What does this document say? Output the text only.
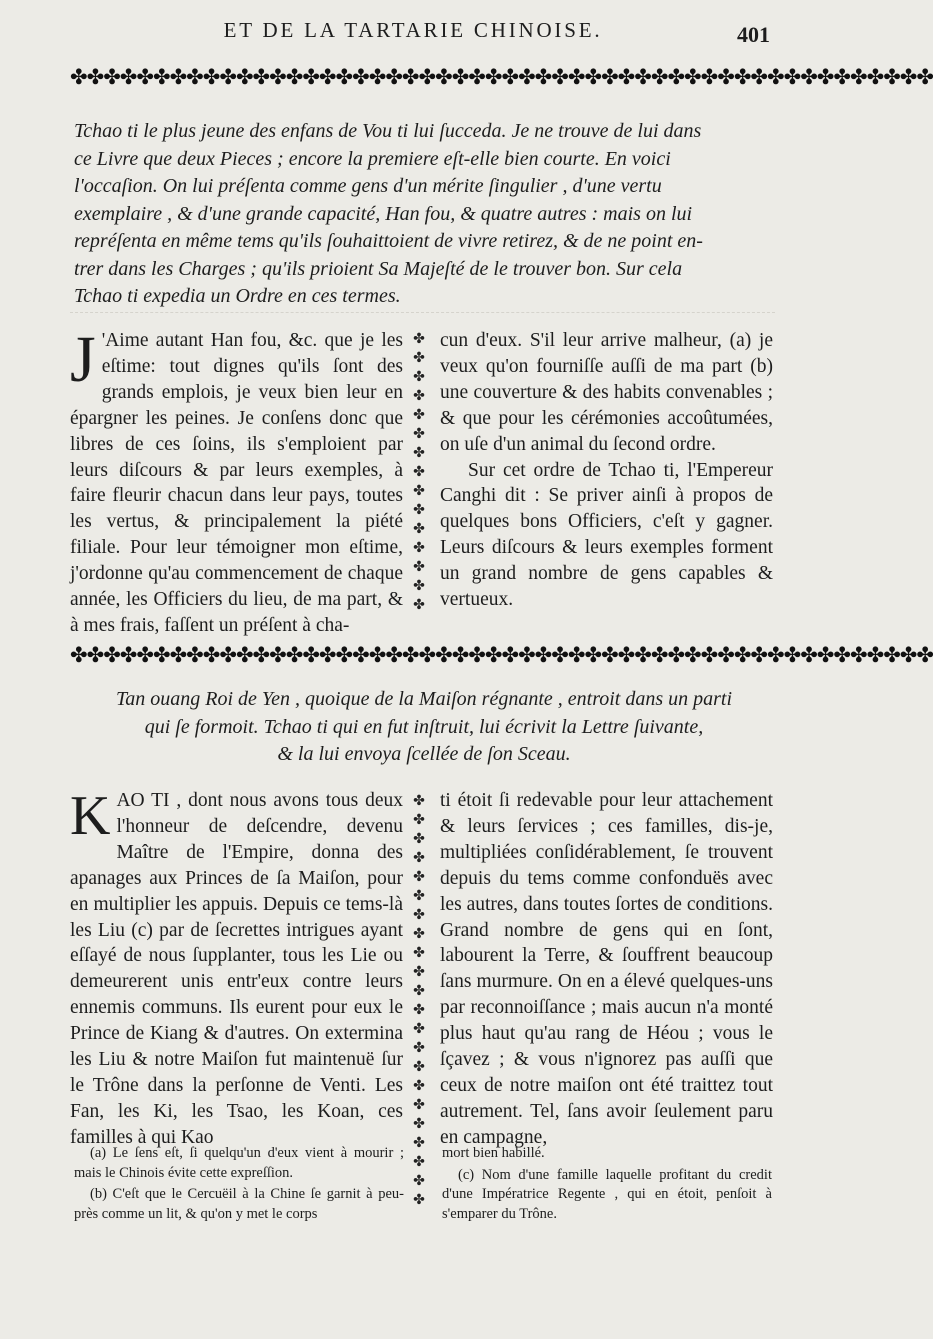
ET DE LA TARTARIE CHINOISE.	401
✤✤✤✤✤✤✤✤✤✤✤✤✤✤✤✤✤✤✤✤✤✤✤✤✤✤✤✤✤✤✤✤✤✤✤✤✤✤✤✤✤✤✤✤✤✤✤✤✤✤✤✤

Tchao ti le plus jeune des enfans de Vou ti lui ſucceda. Je ne trouve de lui dans

ce Livre que deux Pieces ; encore la premiere eſt-elle bien courte. En voici

l'occaſion. On lui préſenta comme gens d'un mérite ſingulier , d'une vertu

exemplaire , & d'une grande capacité, Han fou, & quatre autres : mais on lui

repréſenta en même tems qu'ils ſouhaittoient de vivre retirez, & de ne point en-

trer dans les Charges ; qu'ils prioient Sa Majeſté de le trouver bon. Sur cela

Tchao ti expedia un Ordre en ces termes.

J 'Aime autant Han fou, &c. que je les eſtime: tout dignes qu'ils ſont des grands emplois, je veux bien leur en épargner les peines. Je conſens donc que libres de ces ſoins, ils s'emploient par leurs diſcours & par leurs exemples, à faire fleurir chacun dans leur pays, toutes les vertus, & principalement la piété filiale. Pour leur témoigner mon eſtime, j'ordonne qu'au commencement de chaque année, les Officiers du lieu, de ma part, & à mes frais, faſſent un préſent à cha-

✤
✤
✤
✤
✤
✤
✤
✤
✤
✤
✤
✤
✤
✤
✤

cun d'eux. S'il leur arrive malheur, (a) je veux qu'on fourniſſe auſſi de ma part (b) une couverture & des habits convenables ; & que pour les cérémonies accoûtumées, on uſe d'un animal du ſecond ordre.

Sur cet ordre de Tchao ti, l'Empereur Canghi dit : Se priver ainſi à propos de quelques bons Officiers, c'eſt y gagner. Leurs diſcours & leurs exemples forment un grand nombre de gens capables & vertueux.

✤✤✤✤✤✤✤✤✤✤✤✤✤✤✤✤✤✤✤✤✤✤✤✤✤✤✤✤✤✤✤✤✤✤✤✤✤✤✤✤✤✤✤✤✤✤✤✤✤✤✤✤

Tan ouang Roi de Yen , quoique de la Maiſon régnante , entroit dans un parti

qui ſe formoit. Tchao ti qui en fut inſtruit, lui écrivit la Lettre ſuivante,

& la lui envoya ſcellée de ſon Sceau.

K AO TI , dont nous avons tous deux l'honneur de deſcendre, devenu Maître de l'Empire, donna des apanages aux Princes de ſa Maiſon, pour en multiplier les appuis. Depuis ce tems-là les Liu (c) par de ſecrettes intrigues ayant eſſayé de nous ſupplanter, tous les Lie ou demeurerent unis entr'eux contre leurs ennemis communs. Ils eurent pour eux le Prince de Kiang & d'autres. On extermina les Liu & notre Maiſon fut maintenuë ſur le Trône dans la perſonne de Venti. Les Fan, les Ki, les Tsao, les Koan, ces familles à qui Kao

✤
✤
✤
✤
✤
✤
✤
✤
✤
✤
✤
✤
✤
✤
✤
✤
✤
✤
✤
✤
✤
✤

ti étoit ſi redevable pour leur attachement & leurs ſervices ; ces familles, dis-je, multipliées conſidérablement, ſe trouvent depuis du tems comme confonduës avec les autres, dans toutes ſortes de conditions. Grand nombre de gens qui en ſont, labourent la Terre, & ſouffrent beaucoup ſans murmure. On en a élevé quelques-uns par reconnoiſſance ; mais aucun n'a monté plus haut qu'au rang de Héou ; vous le ſçavez ; & vous n'ignorez pas auſſi que ceux de notre maiſon ont été traittez tout autrement. Tel, ſans avoir ſeulement paru en campagne,

(a) Le ſens eſt, ſi quelqu'un d'eux vient à mourir ; mais le Chinois évite cette expreſſion.

(b) C'eſt que le Cercuëil à la Chine ſe garnit à peu-près comme un lit, & qu'on y met le corps

mort bien habillé.

(c) Nom d'une famille laquelle profitant du credit d'une Impératrice Regente , qui en étoit, penſoit à s'emparer du Trône.
